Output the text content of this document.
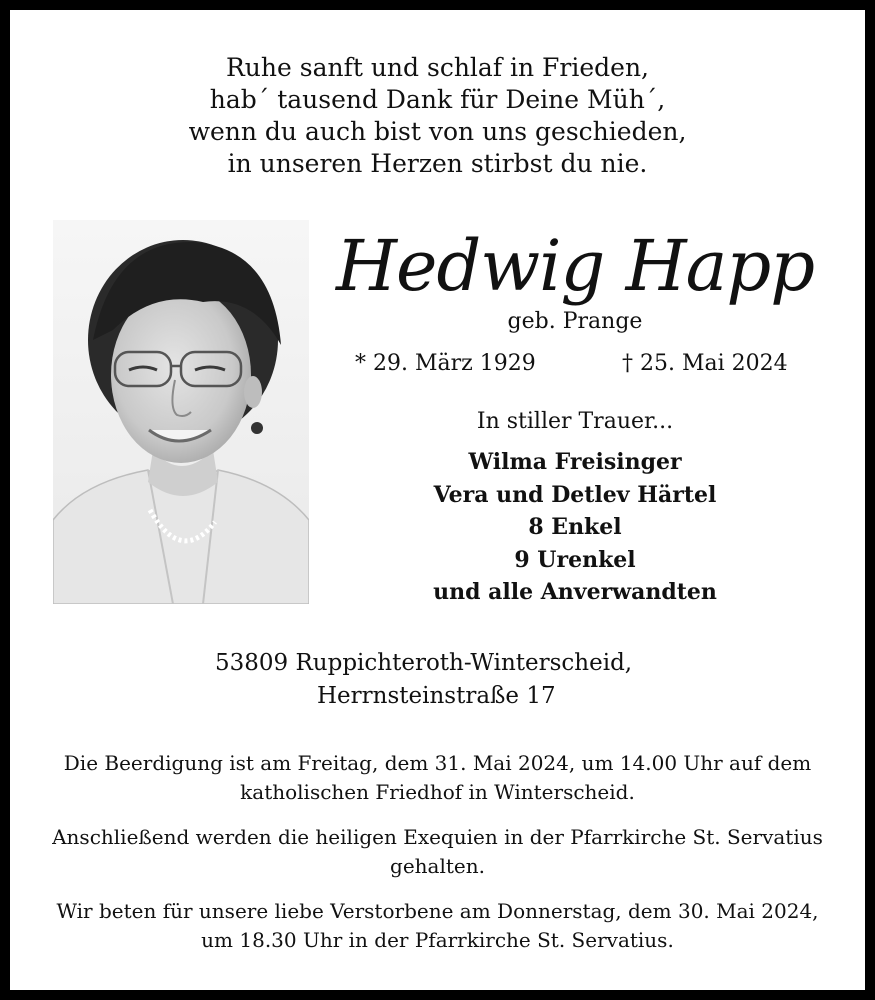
Ruhe sanft und schlaf in Frieden,
hab´ tausend Dank für Deine Müh´,
wenn du auch bist von uns geschieden,
in unseren Herzen stirbst du nie.
Hedwig Happ
geb. Prange
* 29. März 1929	† 25. Mai 2024
In stiller Trauer...
Wilma Freisinger
Vera und Detlev Härtel
8 Enkel
9 Urenkel
und alle Anverwandten
53809 Ruppichteroth-Winterscheid,
Herrnsteinstraße 17
Die Beerdigung ist am Freitag, dem 31. Mai 2024, um 14.00 Uhr auf dem katholischen Friedhof in Winterscheid.
Anschließend werden die heiligen Exequien in der Pfarrkirche St. Servatius gehalten.
Wir beten für unsere liebe Verstorbene am Donnerstag, dem 30. Mai 2024, um 18.30 Uhr in der Pfarrkirche St. Servatius.
